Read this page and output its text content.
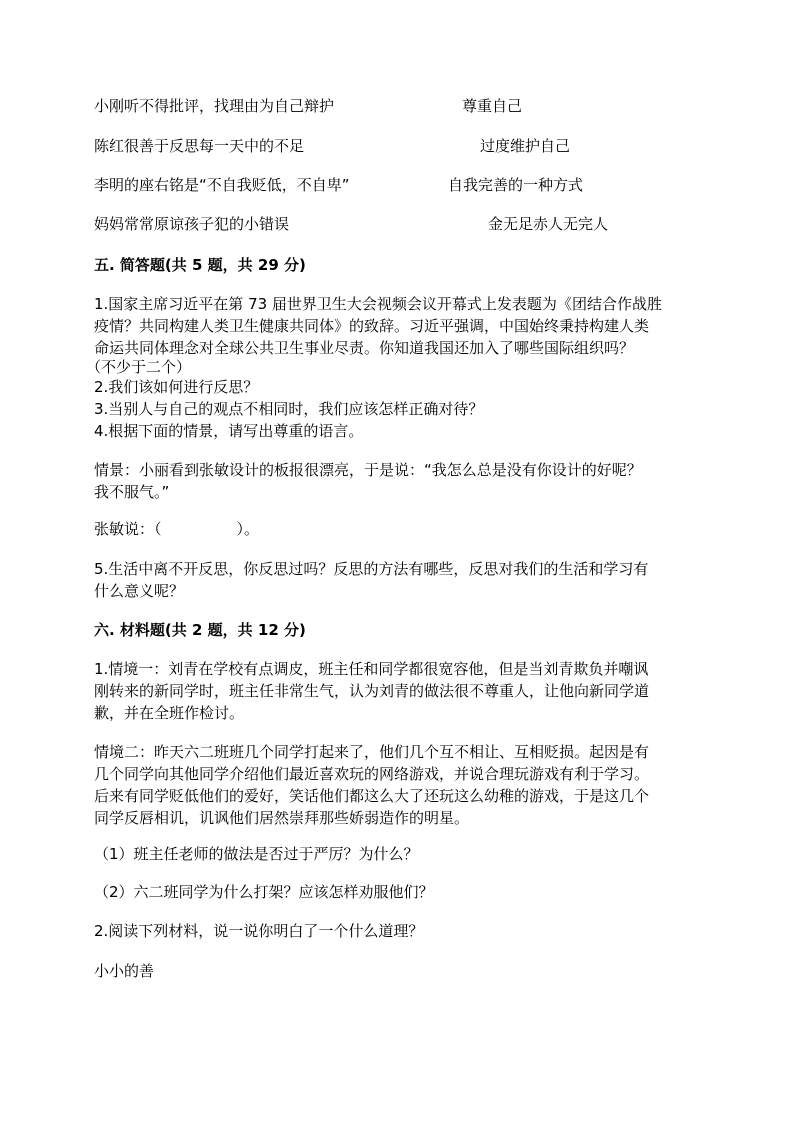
小刚听不得批评，找理由为自己辩护	尊重自己
陈红很善于反思每一天中的不足	过度维护自己
李明的座右铭是“不自我贬低，不自卑”	自我完善的一种方式
妈妈常常原谅孩子犯的小错误	金无足赤人无完人
五. 简答题(共 5 题，共 29 分)
1.国家主席习近平在第 73 届世界卫生大会视频会议开幕式上发表题为《团结合作战胜
疫情？共同构建人类卫生健康共同体》的致辞。习近平强调，中国始终秉持构建人类
命运共同体理念对全球公共卫生事业尽责。你知道我国还加入了哪些国际组织吗？
（不少于二个）
2.我们该如何进行反思？
3.当别人与自己的观点不相同时，我们应该怎样正确对待？
4.根据下面的情景，请写出尊重的语言。
情景：小丽看到张敏设计的板报很漂亮，于是说：“我怎么总是没有你设计的好呢？
我不服气。”
张敏说：（　　　　　）。
5.生活中离不开反思，你反思过吗？反思的方法有哪些，反思对我们的生活和学习有
什么意义呢？
六. 材料题(共 2 题，共 12 分)
1.情境一：刘青在学校有点调皮，班主任和同学都很宽容他，但是当刘青欺负并嘲讽
刚转来的新同学时，班主任非常生气，认为刘青的做法很不尊重人，让他向新同学道
歉，并在全班作检讨。
情境二：昨天六二班班几个同学打起来了，他们几个互不相让、互相贬损。起因是有
几个同学向其他同学介绍他们最近喜欢玩的网络游戏，并说合理玩游戏有利于学习。
后来有同学贬低他们的爱好，笑话他们都这么大了还玩这么幼稚的游戏，于是这几个
同学反唇相讥，讥讽他们居然崇拜那些娇弱造作的明星。
（1）班主任老师的做法是否过于严厉？为什么？
（2）六二班同学为什么打架？应该怎样劝服他们？
2.阅读下列材料，说一说你明白了一个什么道理？
小小的善
